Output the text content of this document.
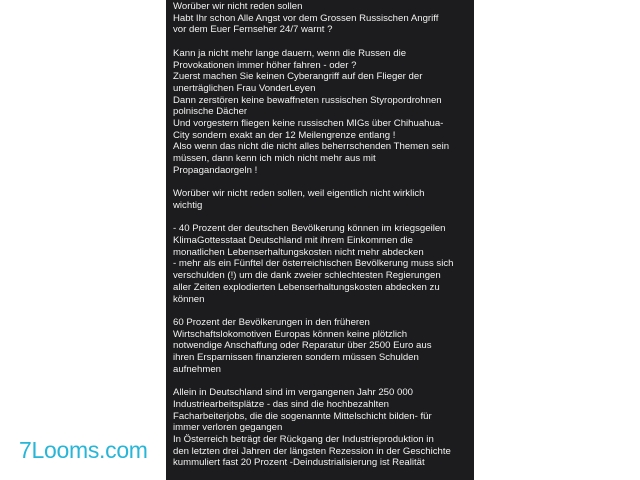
Worüber wir nicht reden sollen
Habt Ihr schon Alle Angst vor dem Grossen Russischen Angriff
vor dem Euer Fernseher 24/7 warnt ?

Kann ja nicht mehr lange dauern, wenn die Russen die
Provokationen immer höher fahren - oder ?
Zuerst machen Sie keinen Cyberangriff auf den Flieger der
unerträglichen Frau VonderLeyen
Dann zerstören keine bewaffneten russischen Styropordrohnen
polnische Dächer
Und vorgestern fliegen keine russischen MIGs über Chihuahua-
City sondern exakt an der 12 Meilengrenze entlang !
Also wenn das nicht die nicht alles beherrschenden Themen sein
müssen, dann kenn ich mich nicht mehr aus mit
Propagandaorgeln !

Worüber wir nicht reden sollen, weil eigentlich nicht wirklich
wichtig

- 40 Prozent der deutschen Bevölkerung können im kriegsgeilen
KlimaGottesstaat Deutschland mit ihrem Einkommen die
monatlichen Lebenserhaltungskosten nicht mehr abdecken
- mehr als ein Fünftel der österreichischen Bevölkerung muss sich
verschulden (!) um die dank zweier schlechtesten Regierungen
aller Zeiten explodierten Lebenserhaltungskosten abdecken zu
können

60 Prozent der Bevölkerungen in den früheren
Wirtschaftslokomotiven Europas können keine plötzlich
notwendige Anschaffung oder Reparatur über 2500 Euro aus
ihren Ersparnissen finanzieren sondern müssen Schulden
aufnehmen

Allein in Deutschland sind im vergangenen Jahr 250 000
Industriearbeitsplätze - das sind die hochbezahlten
Facharbeiterjobs, die die sogenannte Mittelschicht bilden- für
immer verloren gegangen
In Österreich beträgt der Rückgang der Industrieproduktion in
den letzten drei Jahren der längsten Rezession in der Geschichte
kummuliert fast 20 Prozent -Deindustrialisierung ist Realität

7Looms.com
